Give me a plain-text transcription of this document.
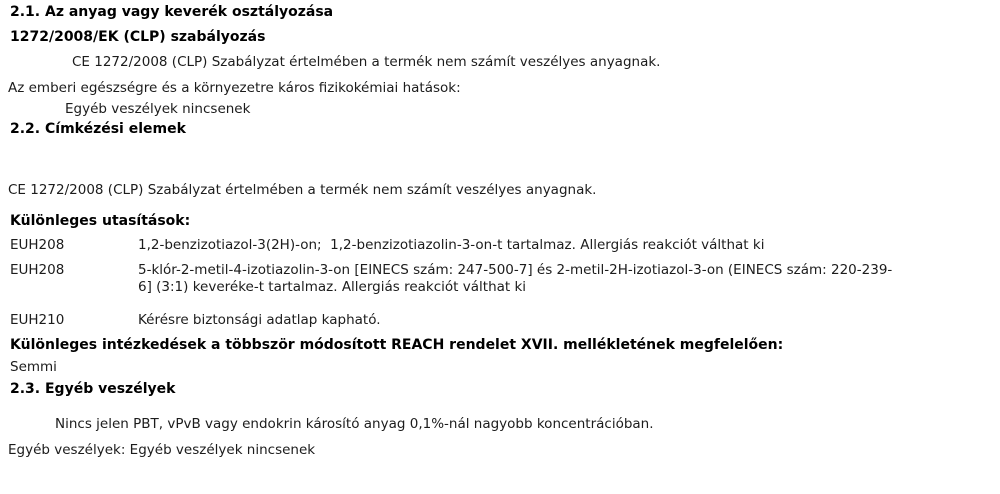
2.1. Az anyag vagy keverék osztályozása
1272/2008/EK (CLP) szabályozás
CE 1272/2008 (CLP) Szabályzat értelmében a termék nem számít veszélyes anyagnak.
Az emberi egészségre és a környezetre káros fizikokémiai hatások:
Egyéb veszélyek nincsenek
2.2. Címkézési elemek
CE 1272/2008 (CLP) Szabályzat értelmében a termék nem számít veszélyes anyagnak.
Különleges utasítások:
EUH208	1,2-benzizotiazol-3(2H)-on;  1,2-benzizotiazolin-3-on-t tartalmaz. Allergiás reakciót válthat ki
EUH208	5-klór-2-metil-4-izotiazolin-3-on [EINECS szám: 247-500-7] és 2-metil-2H-izotiazol-3-on (EINECS szám: 220-239-6] (3:1) keveréke-t tartalmaz. Allergiás reakciót válthat ki
EUH210	Kérésre biztonsági adatlap kapható.
Különleges intézkedések a többször módosított REACH rendelet XVII. mellékletének megfelelően:
Semmi
2.3. Egyéb veszélyek
Nincs jelen PBT, vPvB vagy endokrin károsító anyag 0,1%-nál nagyobb koncentrációban.
Egyéb veszélyek: Egyéb veszélyek nincsenek
